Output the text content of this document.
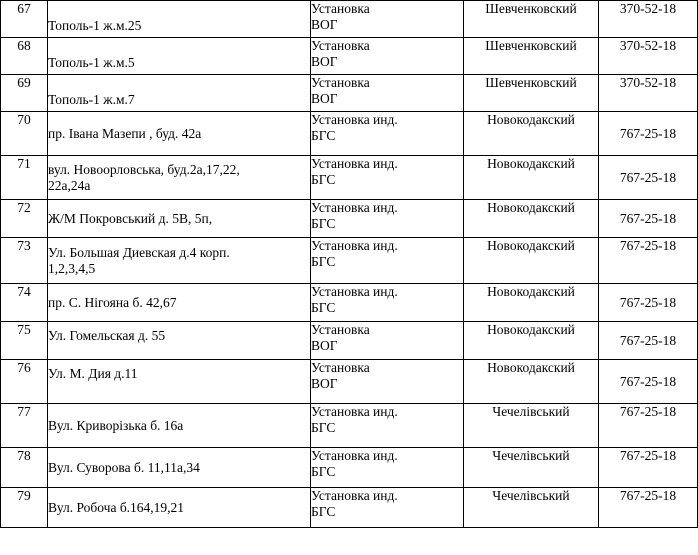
67	Тополь-1 ж.м.25	Установка
ВОГ	Шевченковский	370-52-18
68	Тополь-1 ж.м.5	Установка
ВОГ	Шевченковский	370-52-18
69	Тополь-1 ж.м.7	Установка
ВОГ	Шевченковский	370-52-18
70	пр. Івана Мазепи , буд. 42а	Установка инд.
БГС	Новокодакский	767-25-18
71	вул. Новоорловська, буд.2а,17,22,
22а,24а	Установка инд.
БГС	Новокодакский	767-25-18
72	Ж/М Покровський д. 5В, 5п,	Установка инд.
БГС	Новокодакский	767-25-18
73	Ул. Большая Диевская д.4 корп.
1,2,3,4,5	Установка инд.
БГС	Новокодакский	767-25-18
74	пр. С. Нігояна б. 42,67	Установка инд.
БГС	Новокодакский	767-25-18
75	Ул. Гомельская д. 55	Установка
ВОГ	Новокодакский	767-25-18
76	Ул. М. Дия д.11	Установка
ВОГ	Новокодакский	767-25-18
77	Вул. Криворізька б. 16а	Установка инд.
БГС	Чечелівський	767-25-18
78	Вул. Суворова б. 11,11а,34	Установка инд.
БГС	Чечелівський	767-25-18
79	Вул. Робоча б.164,19,21	Установка инд.
БГС	Чечелівський	767-25-18
